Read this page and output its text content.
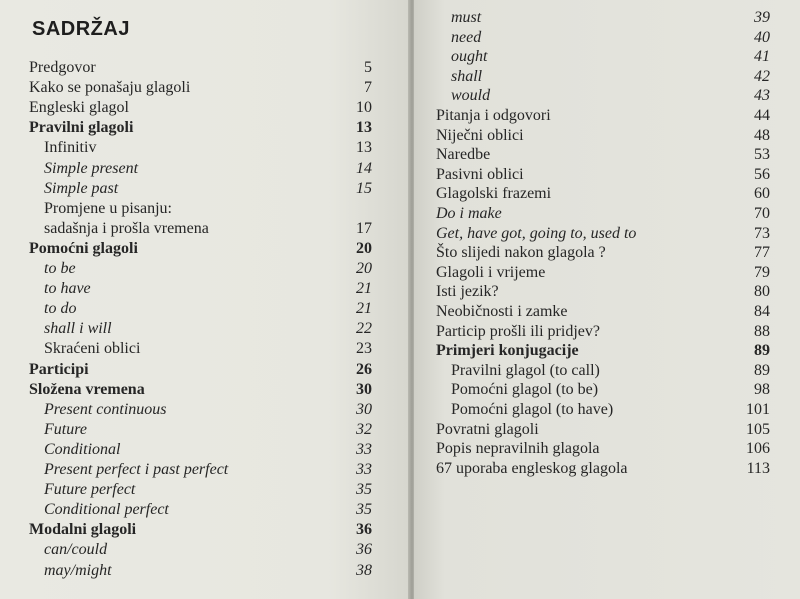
SADRŽAJ
Predgovor	5
Kako se ponašaju glagoli	7
Engleski glagol	10
Pravilni glagoli	13
Infinitiv	13
Simple present	14
Simple past	15
Promjene u pisanju:
sadašnja i prošla vremena	17
Pomoćni glagoli	20
to be	20
to have	21
to do	21
shall i will	22
Skraćeni oblici	23
Participi	26
Složena vremena	30
Present continuous	30
Future	32
Conditional	33
Present perfect i past perfect	33
Future perfect	35
Conditional perfect	35
Modalni glagoli	36
can/could	36
may/might	38
must	39
need	40
ought	41
shall	42
would	43
Pitanja i odgovori	44
Niječni oblici	48
Naredbe	53
Pasivni oblici	56
Glagolski frazemi	60
Do i make	70
Get, have got, going to, used to	73
Što slijedi nakon glagola ?	77
Glagoli i vrijeme	79
Isti jezik?	80
Neobičnosti i zamke	84
Particip prošli ili pridjev?	88
Primjeri konjugacije	89
Pravilni glagol (to call)	89
Pomoćni glagol (to be)	98
Pomoćni glagol (to have)	101
Povratni glagoli	105
Popis nepravilnih glagola	106
67 uporaba engleskog glagola	113
